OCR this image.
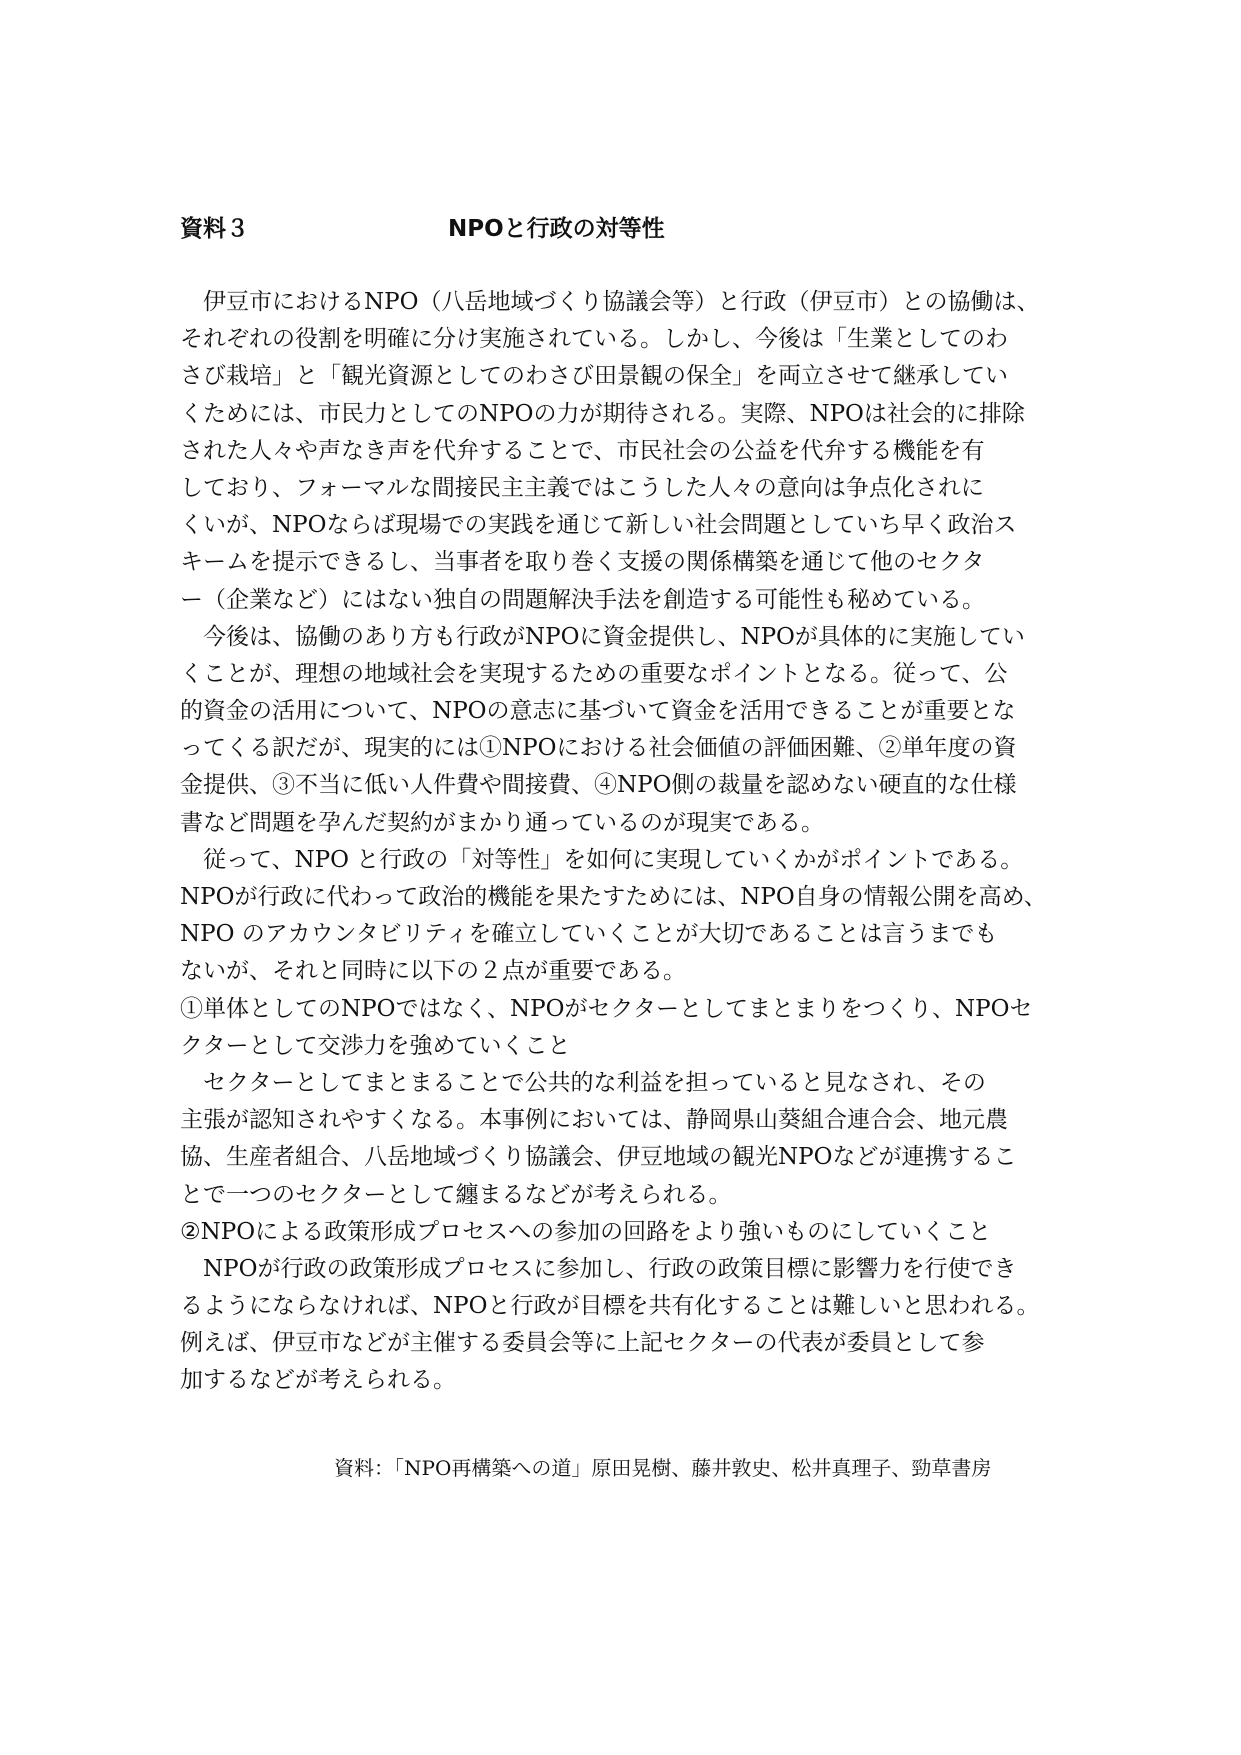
資料３	NPOと行政の対等性
　伊豆市におけるNPO（八岳地域づくり協議会等）と行政（伊豆市）との協働は、
それぞれの役割を明確に分け実施されている。しかし、今後は「生業としてのわ
さび栽培」と「観光資源としてのわさび田景観の保全」を両立させて継承してい
くためには、市民力としてのNPOの力が期待される。実際、NPOは社会的に排除
された人々や声なき声を代弁することで、市民社会の公益を代弁する機能を有
しており、フォーマルな間接民主主義ではこうした人々の意向は争点化されに
くいが、NPOならば現場での実践を通じて新しい社会問題としていち早く政治ス
キームを提示できるし、当事者を取り巻く支援の関係構築を通じて他のセクタ
ー（企業など）にはない独自の問題解決手法を創造する可能性も秘めている。
　今後は、協働のあり方も行政がNPOに資金提供し、NPOが具体的に実施してい
くことが、理想の地域社会を実現するための重要なポイントとなる。従って、公
的資金の活用について、NPOの意志に基づいて資金を活用できることが重要とな
ってくる訳だが、現実的には①NPOにおける社会価値の評価困難、②単年度の資
金提供、③不当に低い人件費や間接費、④NPO側の裁量を認めない硬直的な仕様
書など問題を孕んだ契約がまかり通っているのが現実である。
　従って、NPO と行政の「対等性」を如何に実現していくかがポイントである。
NPOが行政に代わって政治的機能を果たすためには、NPO自身の情報公開を高め、
NPO のアカウンタビリティを確立していくことが大切であることは言うまでも
ないが、それと同時に以下の２点が重要である。
①単体としてのNPOではなく、NPOがセクターとしてまとまりをつくり、NPOセ
クターとして交渉力を強めていくこと
　セクターとしてまとまることで公共的な利益を担っていると見なされ、その
主張が認知されやすくなる。本事例においては、静岡県山葵組合連合会、地元農
協、生産者組合、八岳地域づくり協議会、伊豆地域の観光NPOなどが連携するこ
とで一つのセクターとして纏まるなどが考えられる。
②NPOによる政策形成プロセスへの参加の回路をより強いものにしていくこと
　NPOが行政の政策形成プロセスに参加し、行政の政策目標に影響力を行使でき
るようにならなければ、NPOと行政が目標を共有化することは難しいと思われる。
例えば、伊豆市などが主催する委員会等に上記セクターの代表が委員として参
加するなどが考えられる。
資料：「NPO再構築への道」原田晃樹、藤井敦史、松井真理子、勁草書房
